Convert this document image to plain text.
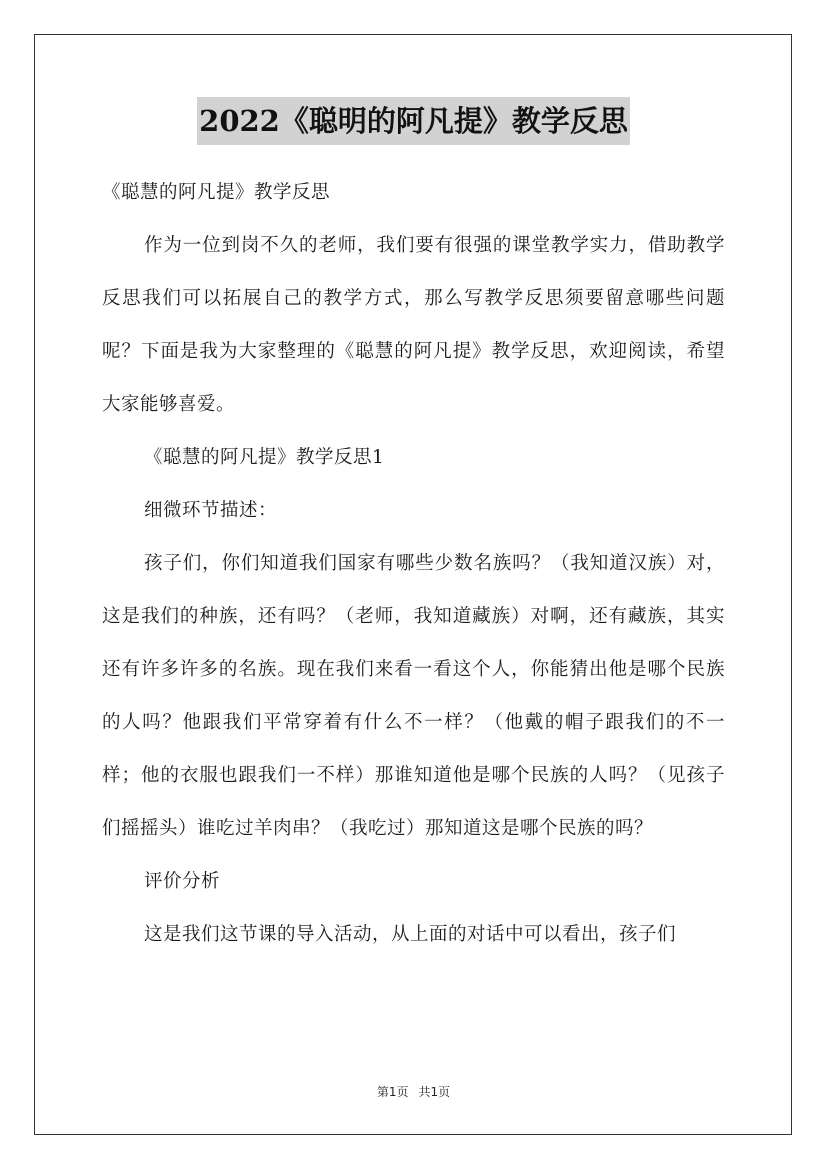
2022《聪明的阿凡提》教学反思

《聪慧的阿凡提》教学反思

作为一位到岗不久的老师，我们要有很强的课堂教学实力，借助教学反思我们可以拓展自己的教学方式，那么写教学反思须要留意哪些问题呢？下面是我为大家整理的《聪慧的阿凡提》教学反思，欢迎阅读，希望大家能够喜爱。

《聪慧的阿凡提》教学反思1

细微环节描述：

孩子们，你们知道我们国家有哪些少数名族吗？（我知道汉族）对，这是我们的种族，还有吗？（老师，我知道藏族）对啊，还有藏族，其实还有许多许多的名族。现在我们来看一看这个人，你能猜出他是哪个民族的人吗？他跟我们平常穿着有什么不一样？（他戴的帽子跟我们的不一样；他的衣服也跟我们一不样）那谁知道他是哪个民族的人吗？（见孩子们摇摇头）谁吃过羊肉串？（我吃过）那知道这是哪个民族的吗？

评价分析

这是我们这节课的导入活动，从上面的对话中可以看出，孩子们

第1页 共1页
